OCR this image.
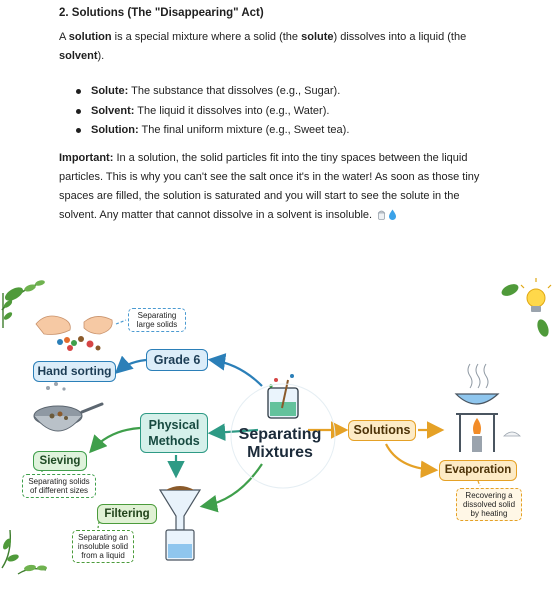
2. Solutions (The "Disappearing" Act)

A solution is a special mixture where a solid (the solute) dissolves into a liquid (the solvent).

Solute: The substance that dissolves (e.g., Sugar).
Solvent: The liquid it dissolves into (e.g., Water).
Solution: The final uniform mixture (e.g., Sweet tea).

Important: In a solution, the solid particles fit into the tiny spaces between the liquid particles. This is why you can't see the salt once it's in the water! As soon as those tiny spaces are filled, the solution is saturated and you will start to see the solute in the solvent. Any matter that cannot dissolve in a solvent is insoluble.

Separating Mixtures
Grade 6
Hand sorting
Physical Methods
Sieving
Filtering
Solutions
Evaporation
Separating large solids
Separating solids of different sizes
Separating an insoluble solid from a liquid
Recovering a dissolved solid by heating
